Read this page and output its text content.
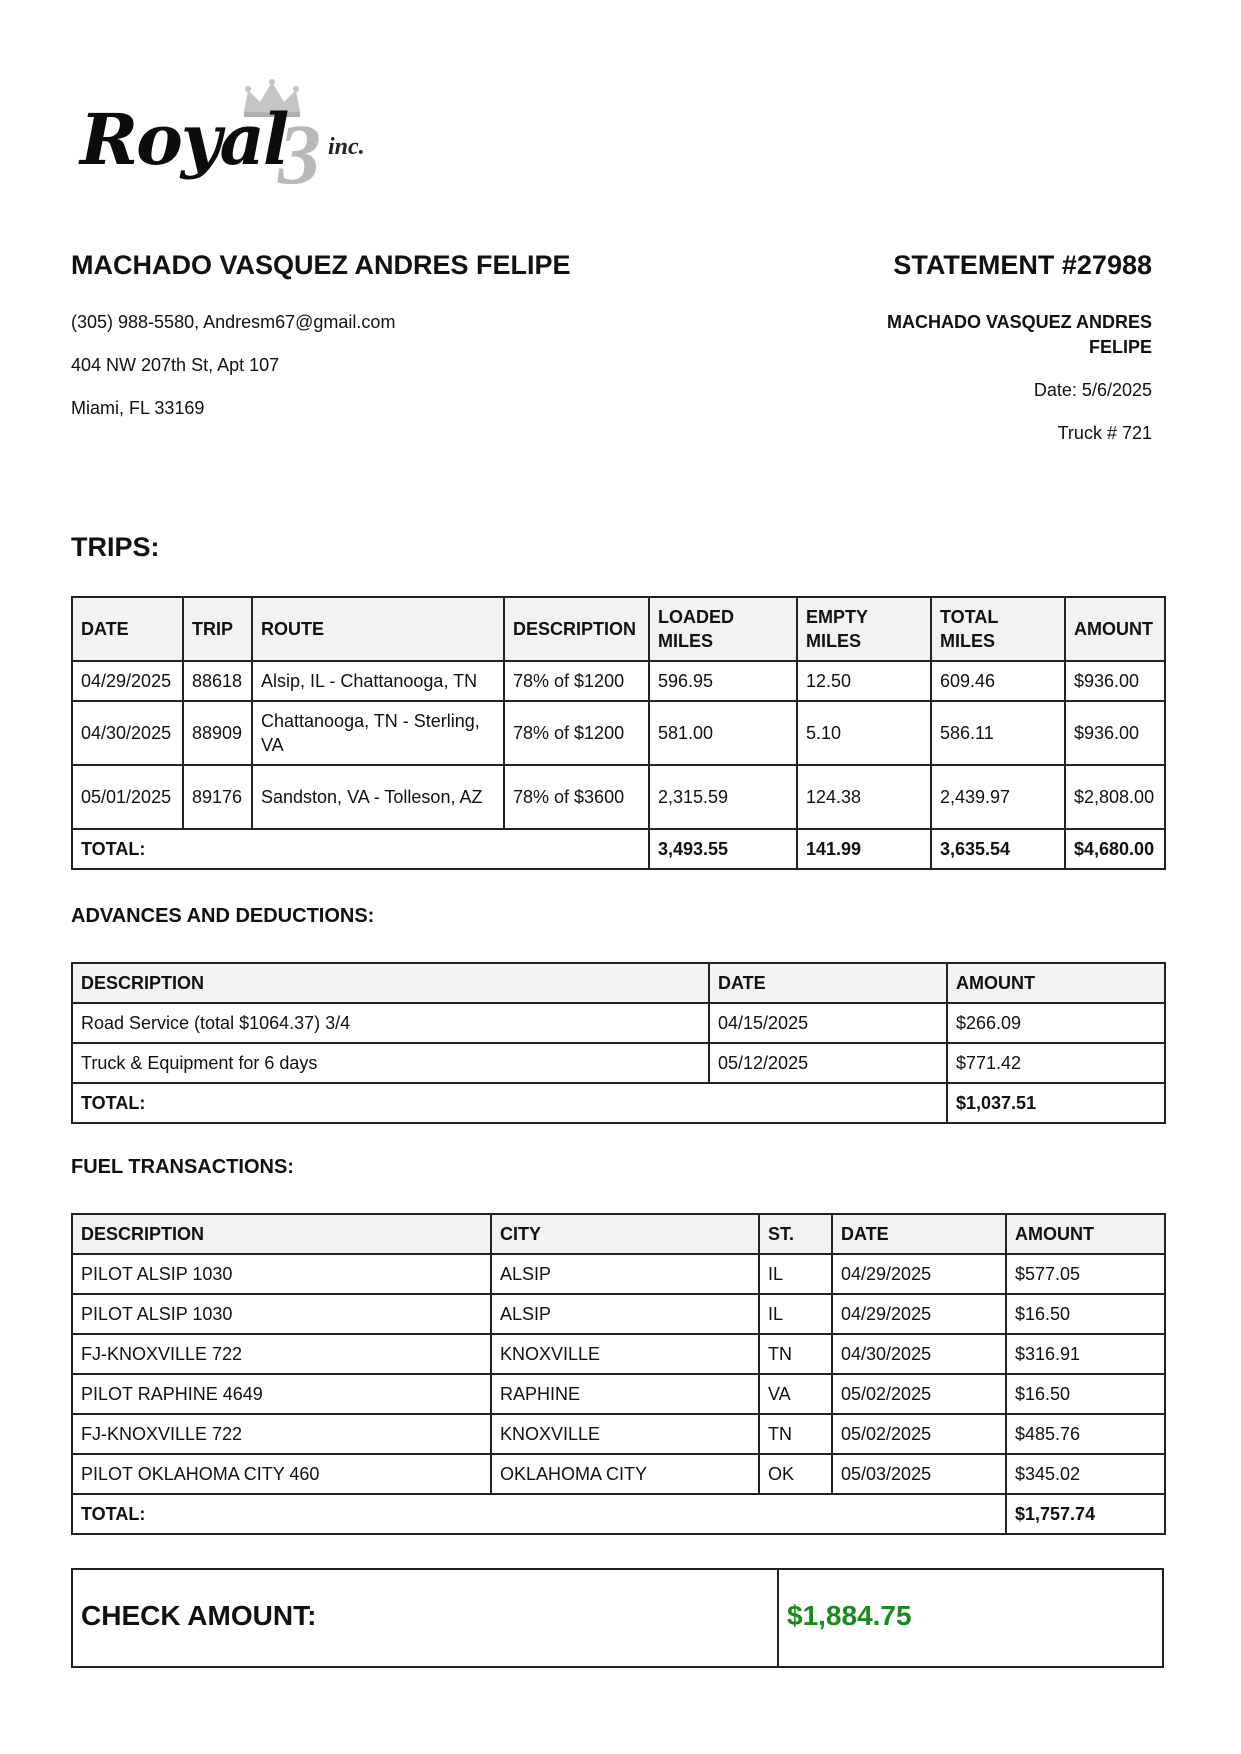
Royal
3 inc.
MACHADO VASQUEZ ANDRES FELIPE
(305) 988-5580, Andresm67@gmail.com
404 NW 207th St, Apt 107
Miami, FL 33169
STATEMENT #27988
MACHADO VASQUEZ ANDRES FELIPE
Date: 5/6/2025
Truck # 721
TRIPS:
DATE	TRIP	ROUTE	DESCRIPTION	LOADED MILES	EMPTY MILES	TOTAL MILES	AMOUNT
04/29/2025	88618	Alsip, IL - Chattanooga, TN	78% of $1200	596.95	12.50	609.46	$936.00
04/30/2025	88909	Chattanooga, TN - Sterling, VA	78% of $1200	581.00	5.10	586.11	$936.00
05/01/2025	89176	Sandston, VA - Tolleson, AZ	78% of $3600	2,315.59	124.38	2,439.97	$2,808.00
TOTAL:				3,493.55	141.99	3,635.54	$4,680.00
ADVANCES AND DEDUCTIONS:
DESCRIPTION	DATE	AMOUNT
Road Service (total $1064.37) 3/4	04/15/2025	$266.09
Truck & Equipment for 6 days	05/12/2025	$771.42
TOTAL:		$1,037.51
FUEL TRANSACTIONS:
DESCRIPTION	CITY	ST.	DATE	AMOUNT
PILOT ALSIP 1030	ALSIP	IL	04/29/2025	$577.05
PILOT ALSIP 1030	ALSIP	IL	04/29/2025	$16.50
FJ-KNOXVILLE 722	KNOXVILLE	TN	04/30/2025	$316.91
PILOT RAPHINE 4649	RAPHINE	VA	05/02/2025	$16.50
FJ-KNOXVILLE 722	KNOXVILLE	TN	05/02/2025	$485.76
PILOT OKLAHOMA CITY 460	OKLAHOMA CITY	OK	05/03/2025	$345.02
TOTAL:				$1,757.74
CHECK AMOUNT:	$1,884.75
